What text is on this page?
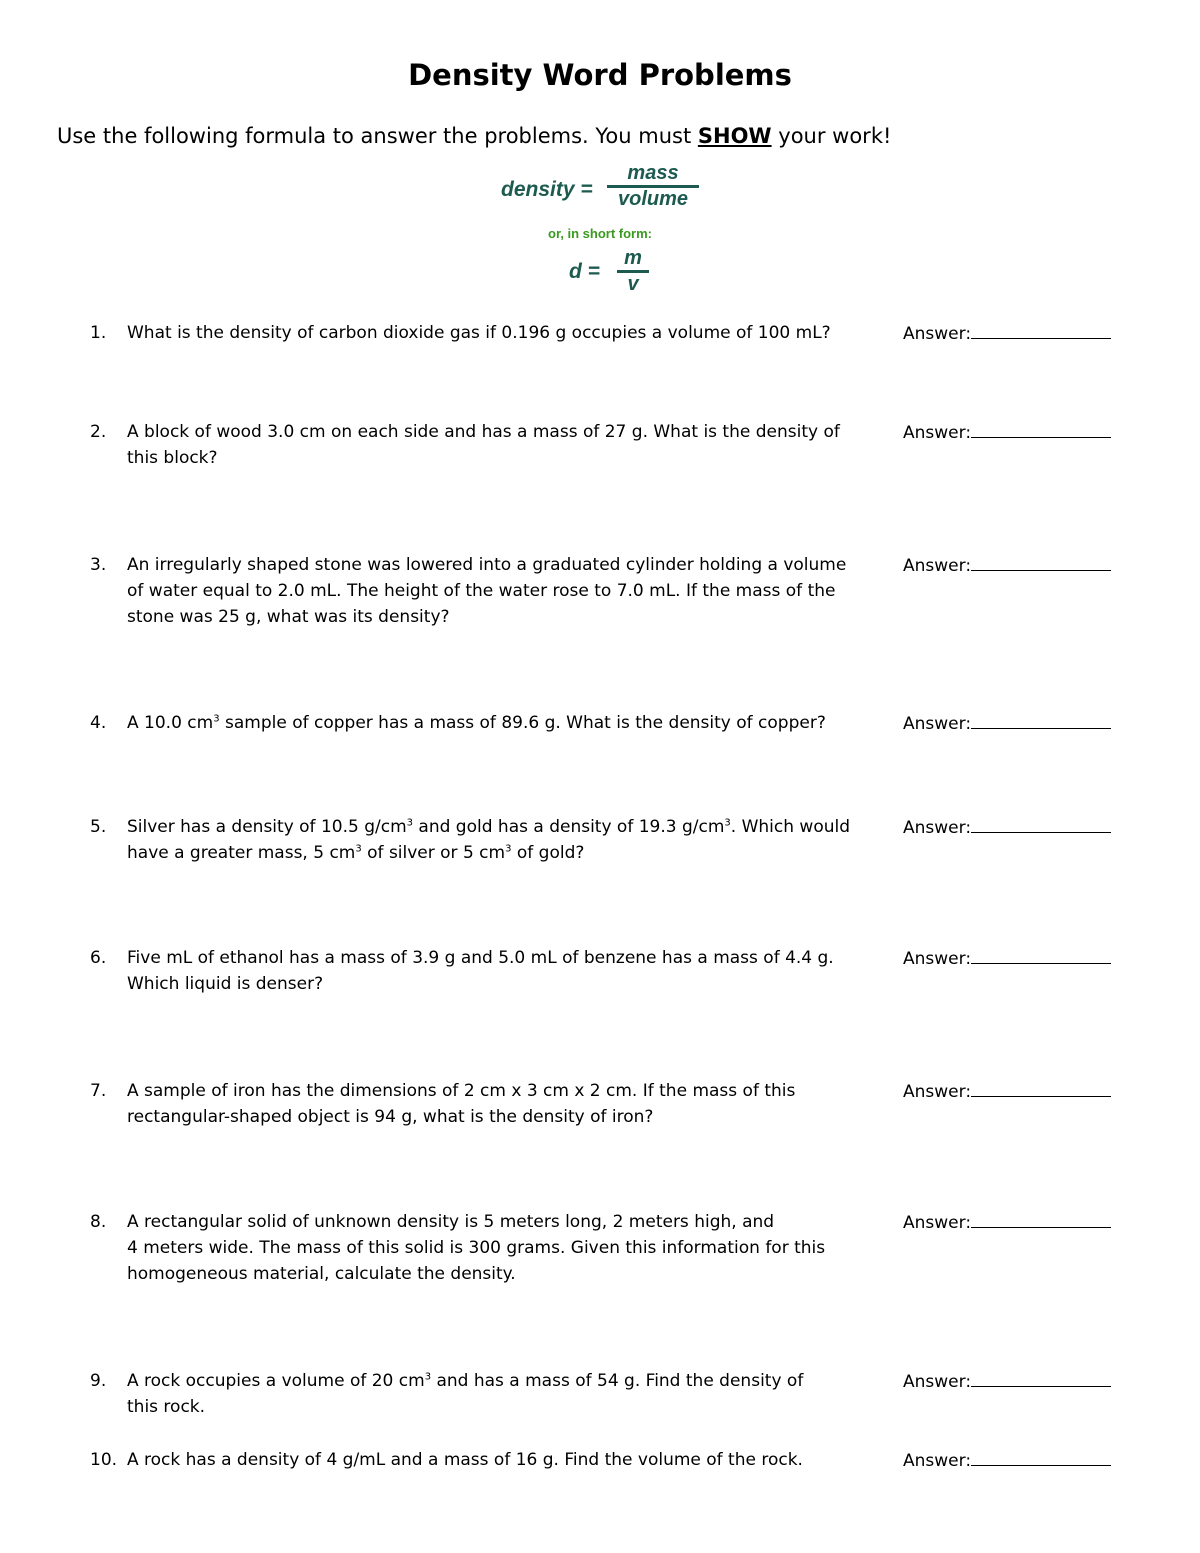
Density Word Problems
Use the following formula to answer the problems. You must SHOW your work!
density =
mass
volume
or, in short form:
d =
m
v
1.	What is the density of carbon dioxide gas if 0.196 g occupies a volume of 100 mL?	Answer:
2.	A block of wood 3.0 cm on each side and has a mass of 27 g. What is the density of
this block?
Answer:
3.	An irregularly shaped stone was lowered into a graduated cylinder holding a volume
of water equal to 2.0 mL. The height of the water rose to 7.0 mL. If the mass of the
stone was 25 g, what was its density?
Answer:
4.	A 10.0 $cm^3$ sample of copper has a mass of 89.6 g. What is the density of copper?	Answer:
5.	Silver has a density of 10.5 $g/cm^3$ and gold has a density of 19.3 $g/cm^3$. Which would
have a greater mass, 5 $cm^3$ of silver or 5 $cm^3$ of gold?
Answer:
6.	Five mL of ethanol has a mass of 3.9 g and 5.0 mL of benzene has a mass of 4.4 g.
Which liquid is denser?
Answer:
7.	A sample of iron has the dimensions of 2 cm x 3 cm x 2 cm. If the mass of this
rectangular-shaped object is 94 g, what is the density of iron?
Answer:
8.	A rectangular solid of unknown density is 5 meters long, 2 meters high, and
4 meters wide. The mass of this solid is 300 grams. Given this information for this
homogeneous material, calculate the density.
Answer:
9.	A rock occupies a volume of 20 $cm^3$ and has a mass of 54 g. Find the density of
this rock.
Answer:
10. A rock has a density of 4 g/mL and a mass of 16 g. Find the volume of the rock.	Answer:
